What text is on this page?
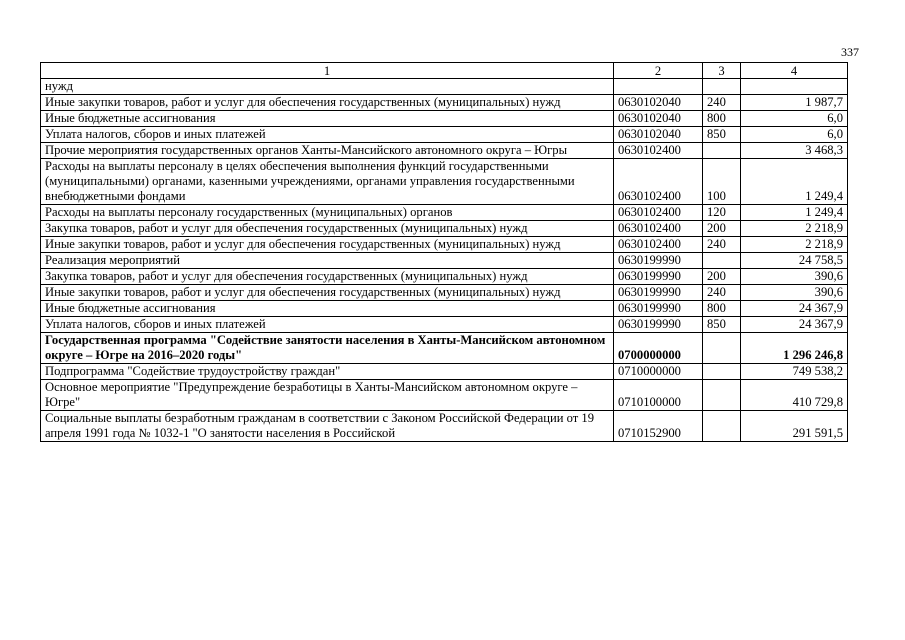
337
1	2	3	4
нужд			
Иные закупки товаров, работ и услуг для обеспечения государственных (муниципальных) нужд	0630102040	240	1 987,7
Иные бюджетные ассигнования	0630102040	800	6,0
Уплата налогов, сборов и иных платежей	0630102040	850	6,0
Прочие мероприятия государственных органов Ханты-Мансийского автономного округа – Югры	0630102400		3 468,3
Расходы на выплаты персоналу в целях обеспечения выполнения функций государственными (муниципальными) органами, казенными учреждениями, органами управления государственными внебюджетными фондами	0630102400	100	1 249,4
Расходы на выплаты персоналу государственных (муниципальных) органов	0630102400	120	1 249,4
Закупка товаров, работ и услуг для обеспечения государственных (муниципальных) нужд	0630102400	200	2 218,9
Иные закупки товаров, работ и услуг для обеспечения государственных (муниципальных) нужд	0630102400	240	2 218,9
Реализация мероприятий	0630199990		24 758,5
Закупка товаров, работ и услуг для обеспечения государственных (муниципальных) нужд	0630199990	200	390,6
Иные закупки товаров, работ и услуг для обеспечения государственных (муниципальных) нужд	0630199990	240	390,6
Иные бюджетные ассигнования	0630199990	800	24 367,9
Уплата налогов, сборов и иных платежей	0630199990	850	24 367,9
Государственная программа "Содействие занятости населения в Ханты-Мансийском автономном округе – Югре на 2016–2020 годы"	0700000000		1 296 246,8
Подпрограмма "Содействие трудоустройству граждан"	0710000000		749 538,2
Основное мероприятие "Предупреждение безработицы в Ханты-Мансийском автономном округе – Югре"	0710100000		410 729,8
Социальные выплаты безработным гражданам в соответствии с Законом Российской Федерации от 19 апреля 1991 года № 1032-1 "О занятости населения в Российской	0710152900		291 591,5
